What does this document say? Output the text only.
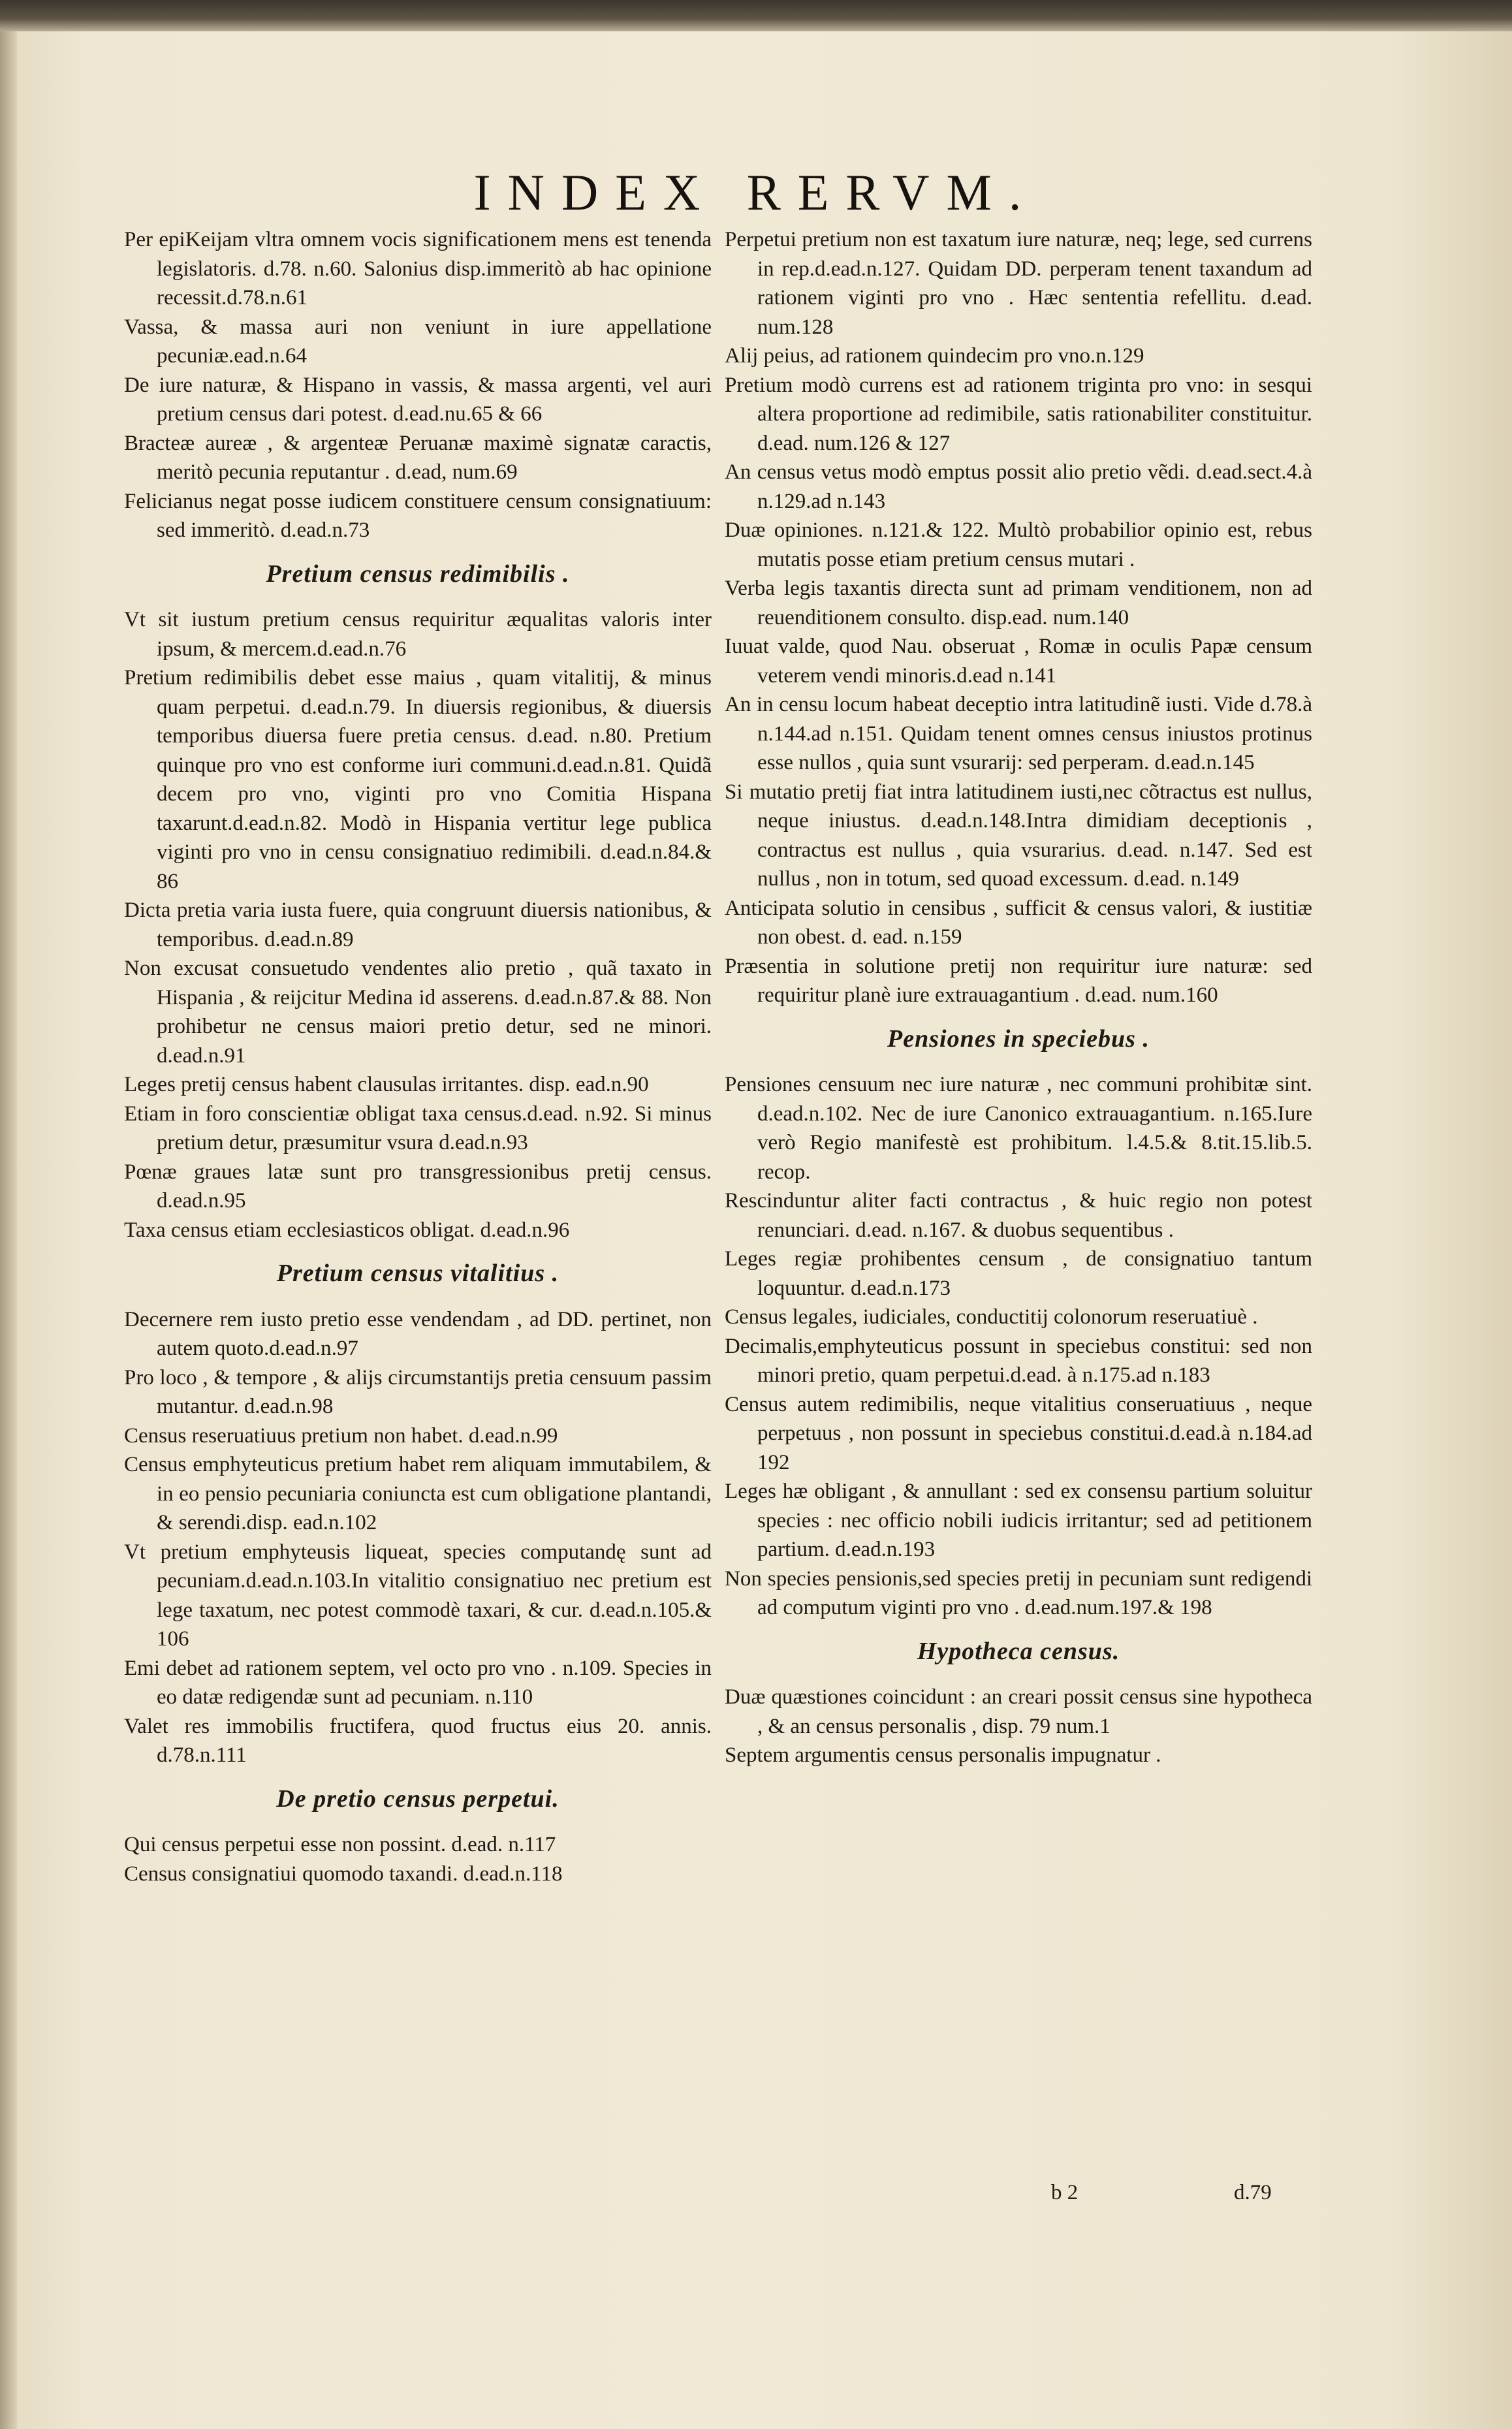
INDEX RERVM.
Per epiKeijam vltra omnem vocis significationem mens est tenenda legislatoris. d.78. n.60. Salonius disp.immeritò ab hac opinione recessit.d.78.n.61
Vassa, & massa auri non veniunt in iure appellatione pecuniæ.ead.n.64
De iure naturæ, & Hispano in vassis, & massa argenti, vel auri pretium census dari potest. d.ead.nu.65 & 66
Bracteæ aureæ , & argenteæ Peruanæ maximè signatæ caractis, meritò pecunia reputantur . d.ead, num.69
Felicianus negat posse iudicem constituere censum consignatiuum: sed immeritò. d.ead.n.73
Pretium census redimibilis .
Vt sit iustum pretium census requiritur æqualitas valoris inter ipsum, & mercem.d.ead.n.76
Pretium redimibilis debet esse maius , quam vitalitij, & minus quam perpetui. d.ead.n.79. In diuersis regionibus, & diuersis temporibus diuersa fuere pretia census. d.ead. n.80. Pretium quinque pro vno est conforme iuri communi.d.ead.n.81. Quidã decem pro vno, viginti pro vno Comitia Hispana taxarunt.d.ead.n.82. Modò in Hispania vertitur lege publica viginti pro vno in censu consignatiuo redimibili. d.ead.n.84.& 86
Dicta pretia varia iusta fuere, quia congruunt diuersis nationibus, & temporibus. d.ead.n.89
Non excusat consuetudo vendentes alio pretio , quã taxato in Hispania , & reijcitur Medina id asserens. d.ead.n.87.& 88. Non prohibetur ne census maiori pretio detur, sed ne minori. d.ead.n.91
Leges pretij census habent clausulas irritantes. disp. ead.n.90
Etiam in foro conscientiæ obligat taxa census.d.ead. n.92. Si minus pretium detur, præsumitur vsura d.ead.n.93
Pœnæ graues latæ sunt pro transgressionibus pretij census. d.ead.n.95
Taxa census etiam ecclesiasticos obligat. d.ead.n.96
Pretium census vitalitius .
Decernere rem iusto pretio esse vendendam , ad DD. pertinet, non autem quoto.d.ead.n.97
Pro loco , & tempore , & alijs circumstantijs pretia censuum passim mutantur. d.ead.n.98
Census reseruatiuus pretium non habet. d.ead.n.99
Census emphyteuticus pretium habet rem aliquam immutabilem, & in eo pensio pecuniaria coniuncta est cum obligatione plantandi, & serendi.disp. ead.n.102
Vt pretium emphyteusis liqueat, species computandę sunt ad pecuniam.d.ead.n.103.In vitalitio consignatiuo nec pretium est lege taxatum, nec potest commodè taxari, & cur. d.ead.n.105.& 106
Emi debet ad rationem septem, vel octo pro vno . n.109. Species in eo datæ redigendæ sunt ad pecuniam. n.110
Valet res immobilis fructifera, quod fructus eius 20. annis. d.78.n.111
De pretio census perpetui.
Qui census perpetui esse non possint. d.ead. n.117
Census consignatiui quomodo taxandi. d.ead.n.118
Perpetui pretium non est taxatum iure naturæ, neq; lege, sed currens in rep.d.ead.n.127. Quidam DD. perperam tenent taxandum ad rationem viginti pro vno . Hæc sententia refellitu. d.ead. num.128
Alij peius, ad rationem quindecim pro vno.n.129
Pretium modò currens est ad rationem triginta pro vno: in sesqui altera proportione ad redimibile, satis rationabiliter constituitur. d.ead. num.126 & 127
An census vetus modò emptus possit alio pretio vẽdi. d.ead.sect.4.à n.129.ad n.143
Duæ opiniones. n.121.& 122. Multò probabilior opinio est, rebus mutatis posse etiam pretium census mutari .
Verba legis taxantis directa sunt ad primam venditionem, non ad reuenditionem consulto. disp.ead. num.140
Iuuat valde, quod Nau. obseruat , Romæ in oculis Papæ censum veterem vendi minoris.d.ead n.141
An in censu locum habeat deceptio intra latitudinẽ iusti. Vide d.78.à n.144.ad n.151. Quidam tenent omnes census iniustos protinus esse nullos , quia sunt vsurarij: sed perperam. d.ead.n.145
Si mutatio pretij fiat intra latitudinem iusti,nec cõtractus est nullus, neque iniustus. d.ead.n.148.Intra dimidiam deceptionis , contractus est nullus , quia vsurarius. d.ead. n.147. Sed est nullus , non in totum, sed quoad excessum. d.ead. n.149
Anticipata solutio in censibus , sufficit & census valori, & iustitiæ non obest. d. ead. n.159
Præsentia in solutione pretij non requiritur iure naturæ: sed requiritur planè iure extrauagantium . d.ead. num.160
Pensiones in speciebus .
Pensiones censuum nec iure naturæ , nec communi prohibitæ sint. d.ead.n.102. Nec de iure Canonico extrauagantium. n.165.Iure verò Regio manifestè est prohibitum. l.4.5.& 8.tit.15.lib.5. recop.
Rescinduntur aliter facti contractus , & huic regio non potest renunciari. d.ead. n.167. & duobus sequentibus .
Leges regiæ prohibentes censum , de consignatiuo tantum loquuntur. d.ead.n.173
Census legales, iudiciales, conductitij colonorum reseruatiuè .
Decimalis,emphyteuticus possunt in speciebus constitui: sed non minori pretio, quam perpetui.d.ead. à n.175.ad n.183
Census autem redimibilis, neque vitalitius conseruatiuus , neque perpetuus , non possunt in speciebus constitui.d.ead.à n.184.ad 192
Leges hæ obligant , & annullant : sed ex consensu partium soluitur species : nec officio nobili iudicis irritantur; sed ad petitionem partium. d.ead.n.193
Non species pensionis,sed species pretij in pecuniam sunt redigendi ad computum viginti pro vno . d.ead.num.197.& 198
Hypotheca census.
Duæ quæstiones coincidunt : an creari possit census sine hypotheca , & an census personalis , disp. 79 num.1
Septem argumentis census personalis impugnatur .
b 2	d.79
